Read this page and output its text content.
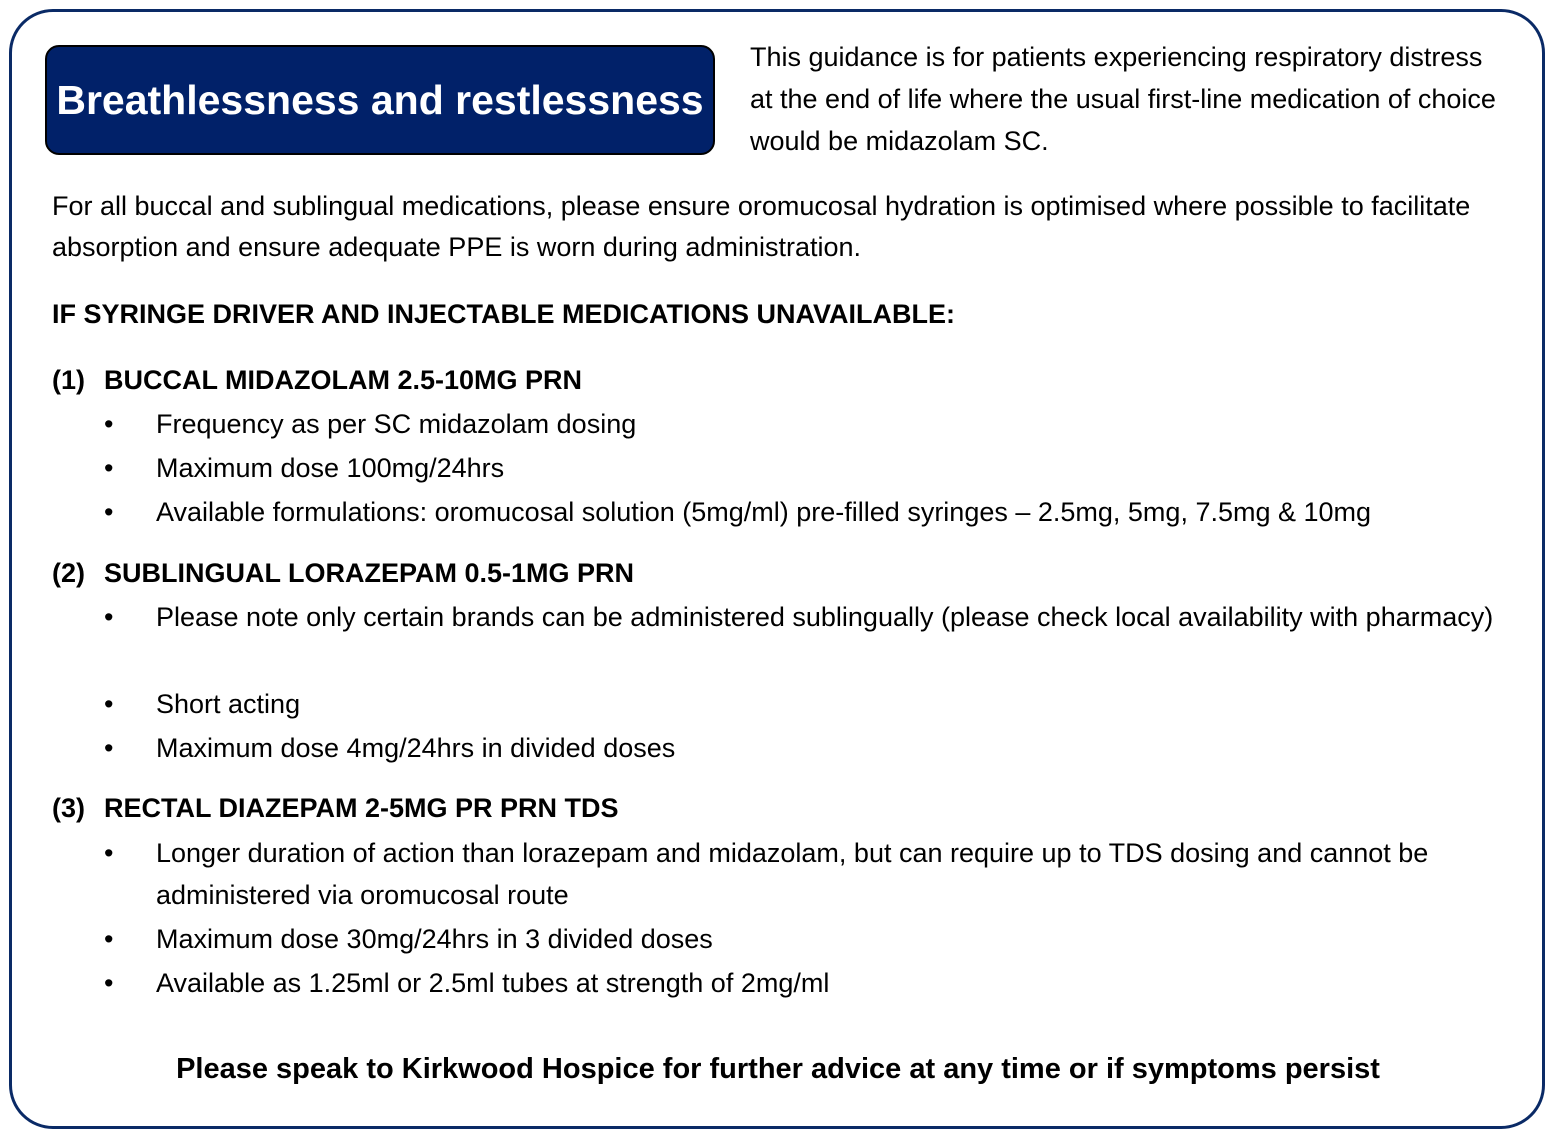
Breathlessness and restlessness
This guidance is for patients experiencing respiratory distress at the end of life where the usual first-line medication of choice would be midazolam SC.
For all buccal and sublingual medications, please ensure oromucosal hydration is optimised where possible to facilitate absorption and ensure adequate PPE is worn during administration.
IF SYRINGE DRIVER AND INJECTABLE MEDICATIONS UNAVAILABLE:
(1) BUCCAL MIDAZOLAM 2.5-10MG PRN
•	Frequency as per SC midazolam dosing
•	Maximum dose 100mg/24hrs
•	Available formulations: oromucosal solution (5mg/ml) pre-filled syringes – 2.5mg, 5mg, 7.5mg & 10mg
(2) SUBLINGUAL LORAZEPAM 0.5-1MG PRN
•	Please note only certain brands can be administered sublingually (please check local availability with pharmacy)
•	Short acting
•	Maximum dose 4mg/24hrs in divided doses
(3) RECTAL DIAZEPAM 2-5MG PR PRN TDS
•	Longer duration of action than lorazepam and midazolam, but can require up to TDS dosing and cannot be administered via oromucosal route
•	Maximum dose 30mg/24hrs in 3 divided doses
•	Available as 1.25ml or 2.5ml tubes at strength of 2mg/ml
Please speak to Kirkwood Hospice for further advice at any time or if symptoms persist
